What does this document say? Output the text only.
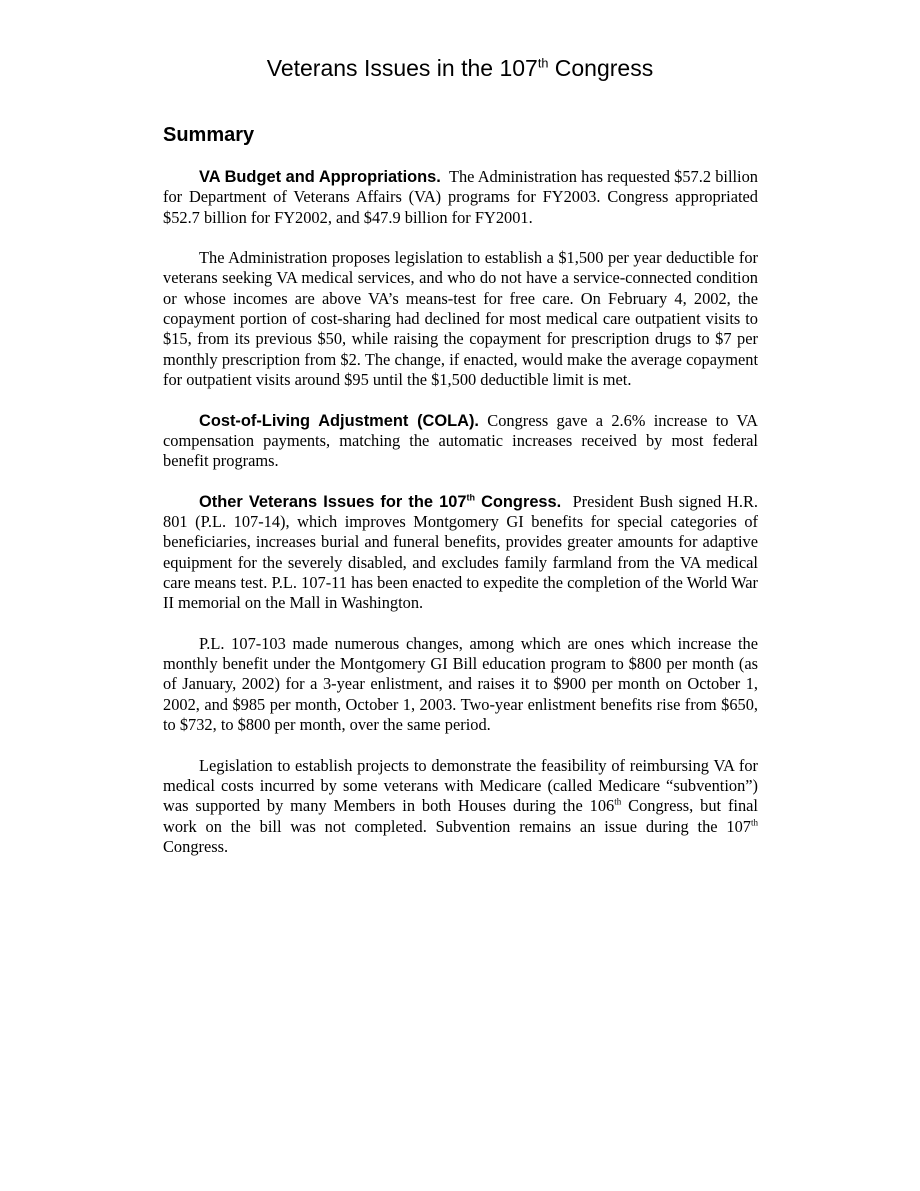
Veterans Issues in the 107th Congress
Summary

VA Budget and Appropriations. The Administration has requested $57.2 billion for Department of Veterans Affairs (VA) programs for FY2003. Congress appropriated $52.7 billion for FY2002, and $47.9 billion for FY2001.

The Administration proposes legislation to establish a $1,500 per year deductible for veterans seeking VA medical services, and who do not have a service-connected condition or whose incomes are above VA’s means-test for free care. On February 4, 2002, the copayment portion of cost-sharing had declined for most medical care outpatient visits to $15, from its previous $50, while raising the copayment for prescription drugs to $7 per monthly prescription from $2. The change, if enacted, would make the average copayment for outpatient visits around $95 until the $1,500 deductible limit is met.

Cost-of-Living Adjustment (COLA). Congress gave a 2.6% increase to VA compensation payments, matching the automatic increases received by most federal benefit programs.

Other Veterans Issues for the 107th Congress. President Bush signed H.R. 801 (P.L. 107-14), which improves Montgomery GI benefits for special categories of beneficiaries, increases burial and funeral benefits, provides greater amounts for adaptive equipment for the severely disabled, and excludes family farmland from the VA medical care means test. P.L. 107-11 has been enacted to expedite the completion of the World War II memorial on the Mall in Washington.

P.L. 107-103 made numerous changes, among which are ones which increase the monthly benefit under the Montgomery GI Bill education program to $800 per month (as of January, 2002) for a 3-year enlistment, and raises it to $900 per month on October 1, 2002, and $985 per month, October 1, 2003. Two-year enlistment benefits rise from $650, to $732, to $800 per month, over the same period.

Legislation to establish projects to demonstrate the feasibility of reimbursing VA for medical costs incurred by some veterans with Medicare (called Medicare “subvention”) was supported by many Members in both Houses during the 106th Congress, but final work on the bill was not completed. Subvention remains an issue during the 107th Congress.
